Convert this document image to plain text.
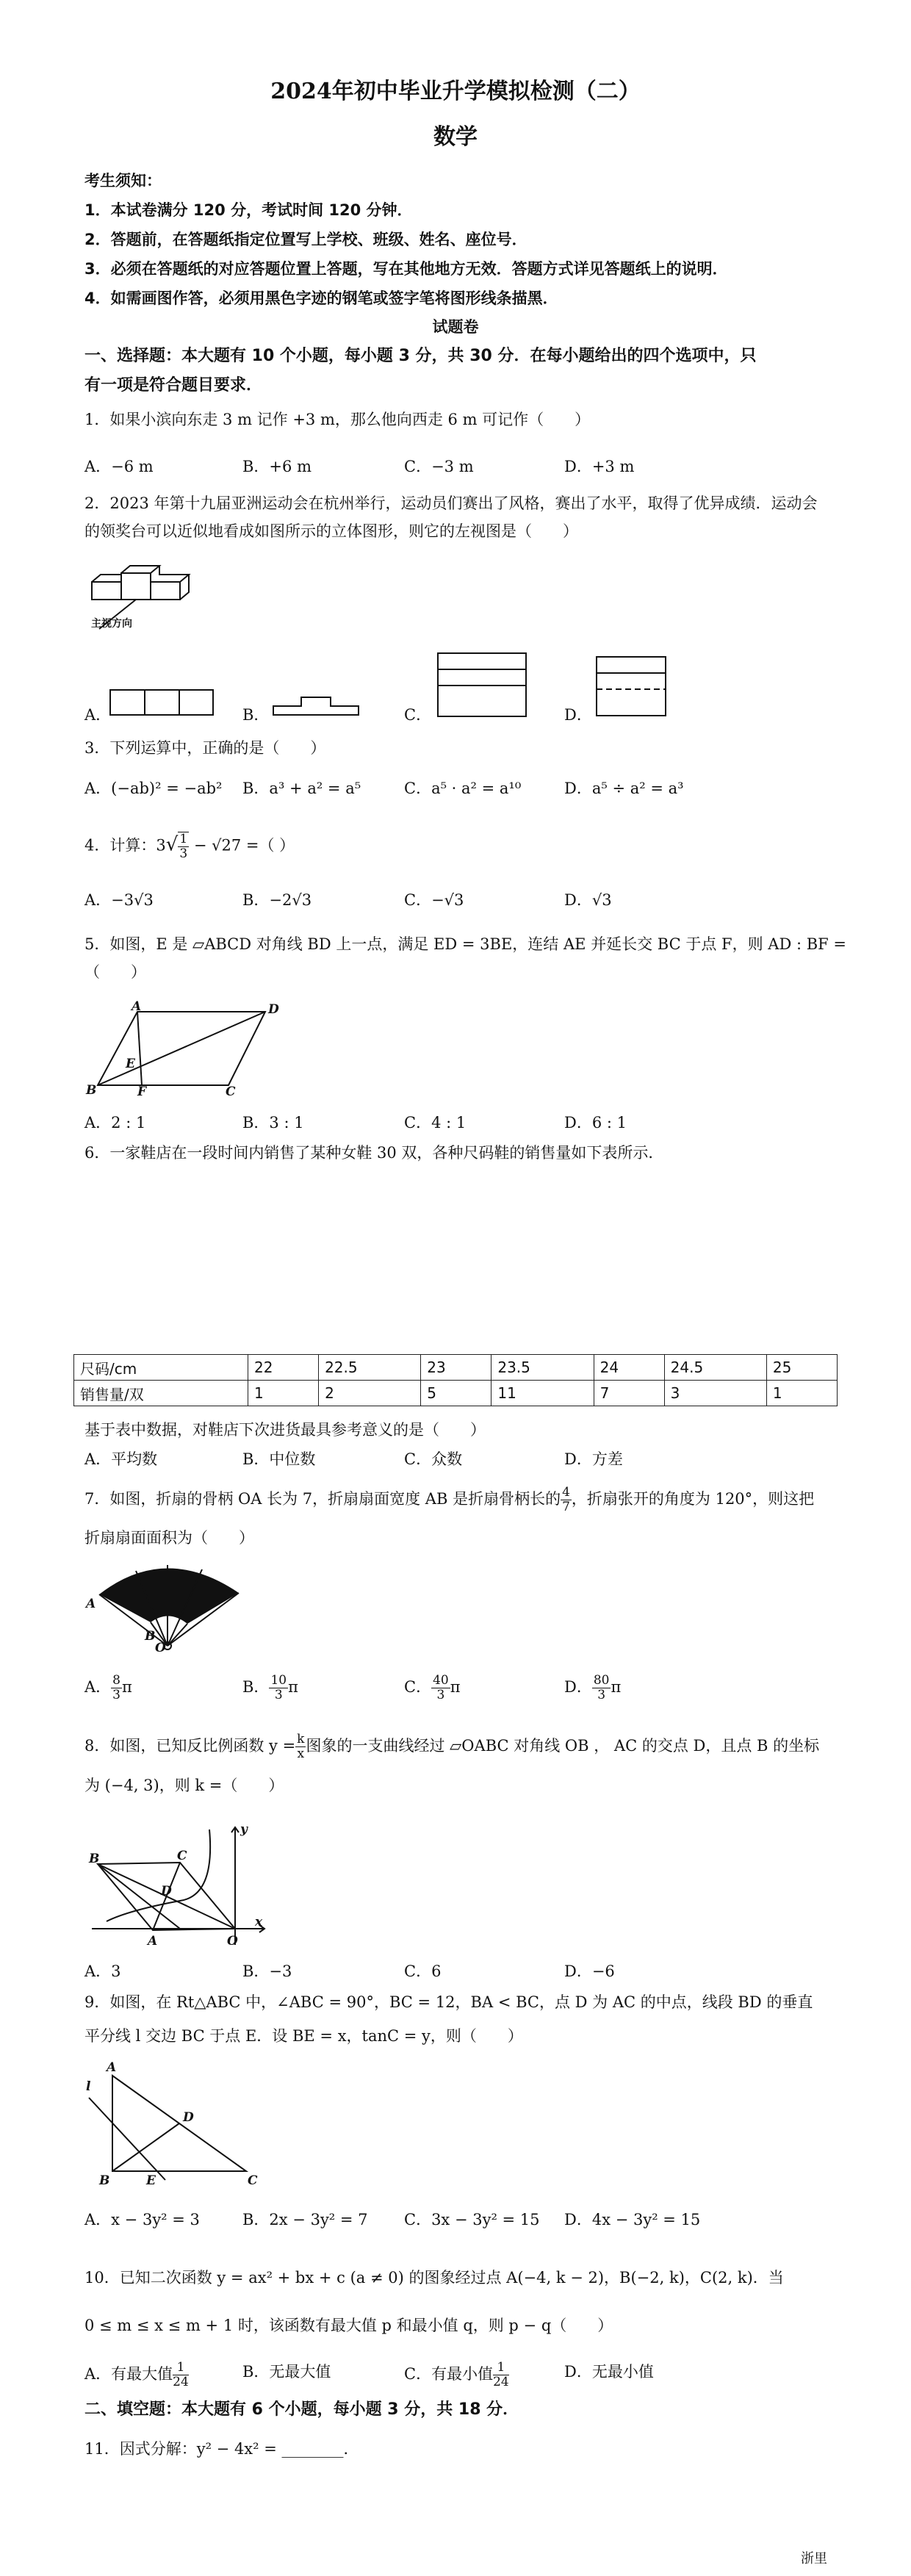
2024年初中毕业升学模拟检测（二）
数学
考生须知：
1．本试卷满分 120 分，考试时间 120 分钟．
2．答题前，在答题纸指定位置写上学校、班级、姓名、座位号．
3．必须在答题纸的对应答题位置上答题，写在其他地方无效．答题方式详见答题纸上的说明．
4．如需画图作答，必须用黑色字迹的钢笔或签字笔将图形线条描黑．
试题卷
一、选择题：本大题有 10 个小题，每小题 3 分，共 30 分．在每小题给出的四个选项中，只
有一项是符合题目要求．
1．如果小滨向东走 3 m 记作 +3 m，那么他向西走 6 m 可记作（　　）
A．−6 m	B．+6 m	C．−3 m	D．+3 m
2．2023 年第十九届亚洲运动会在杭州举行，运动员们赛出了风格，赛出了水平，取得了优异成绩．运动会
的领奖台可以近似地看成如图所示的立体图形，则它的左视图是（　　）
主视方向
A．	B．	C．	D．
3．下列运算中，正确的是（　　）
A．(−ab)² = −ab² B．a³ + a² = a⁵	C．a⁵ · a² = a¹⁰	D．a⁵ ÷ a² = a³
4．计算：$3√ \frac{1}{3} - √27$ =（ ）
A．−3√3	B．−2√3	C．−√3	D．√3
5．如图，E 是 ▱ABCD 对角线 BD 上一点，满足 ED = 3BE，连结 AE 并延长交 BC 于点 F，则 AD : BF =
（　　）
A	D
E
B	F	C
A．2 : 1	B．3 : 1	C．4 : 1	D．6 : 1
6．一家鞋店在一段时间内销售了某种女鞋 30 双，各种尺码鞋的销售量如下表所示．
尺码/cm	22	22.5	23	23.5	24	24.5	25
销售量/双	1	2	5	11	7	3	1
基于表中数据，对鞋店下次进货最具参考意义的是（　　）
A．平均数	B．中位数	C．众数	D．方差
7．如图，折扇的骨柄 OA 长为 7，折扇扇面宽度 AB 是折扇骨柄长的 $\frac{4}{7}$ ，折扇张开的角度为 120°，则这把
折扇扇面面积为（　　）
A
B
O
A． $\frac{8}{3}$ π	B． $\frac{10}{3}$ π	C． $\frac{40}{3}$ π	D． $\frac{80}{3}$ π
8．如图，已知反比例函数 $y = \frac{k}{x}$ 图象的一支曲线经过 ▱OABC 对角线 OB ， AC 的交点 D，且点 B 的坐标
为 (−4, 3)，则 k =（　　）
y
B	C
D
A	O
x
A．3	B．−3	C．6	D．−6
9．如图，在 Rt△ABC 中，∠ABC = 90°，BC = 12，BA < BC，点 D 为 AC 的中点，线段 BD 的垂直
平分线 l 交边 BC 于点 E．设 BE = x，tanC = y，则（　　）
l
A
D
B	E	C
A．x − 3y² = 3	B．2x − 3y² = 7 C．3x − 3y² = 15 D．4x − 3y² = 15
10．已知二次函数 y = ax² + bx + c (a ≠ 0) 的图象经过点 A(−4, k − 2)，B(−2, k)，C(2, k)．当
0 ≤ m ≤ x ≤ m + 1 时，该函数有最大值 p 和最小值 q，则 p − q（　　）
A．有最大值 $\frac{1}{24}$	B．无最大值	C．有最小值 $\frac{1}{24}$	D．无最小值
二、填空题：本大题有 6 个小题，每小题 3 分，共 18 分．
11．因式分解：y² − 4x² = ________．
浙里
